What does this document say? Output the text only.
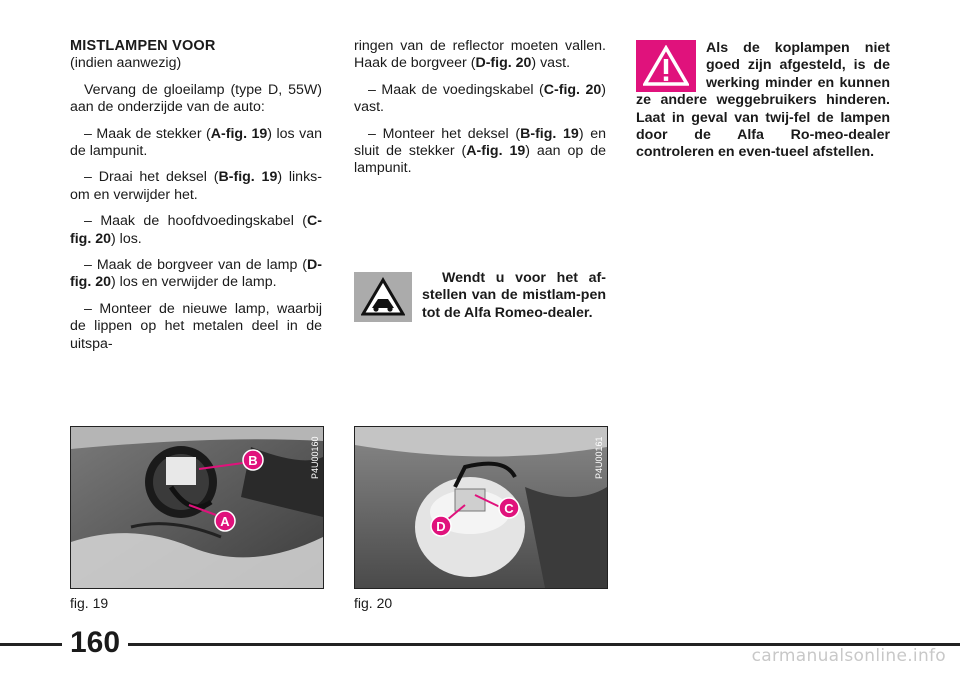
MISTLAMPEN VOOR

(indien aanwezig)

Vervang de gloeilamp (type D, 55W) aan de onderzijde van de auto:

– Maak de stekker (A-fig. 19) los van de lampunit.

– Draai het deksel (B-fig. 19) links-om en verwijder het.

– Maak de hoofdvoedingskabel (C-fig. 20) los.

– Maak de borgveer van de lamp (D-fig. 20) los en verwijder de lamp.

– Monteer de nieuwe lamp, waarbij de lippen op het metalen deel in de uitspa-

ringen van de reflector moeten vallen. Haak de borgveer (D-fig. 20) vast.

– Maak de voedingskabel (C-fig. 20) vast.

– Monteer het deksel (B-fig. 19) en sluit de stekker (A-fig. 19) aan op de lampunit.

Wendt u voor het af-stellen van de mistlam-pen tot de Alfa Romeo-dealer.
Als de koplampen niet goed zijn afgesteld, is de werking minder en kunnen ze andere weggebruikers hinderen. Laat in geval van twij-fel de lampen door de Alfa Ro-meo-dealer controleren en even-tueel afstellen.
B
A
P4U00160
fig. 19
C
D
P4U00161
fig. 20
160	carmanualsonline.info
